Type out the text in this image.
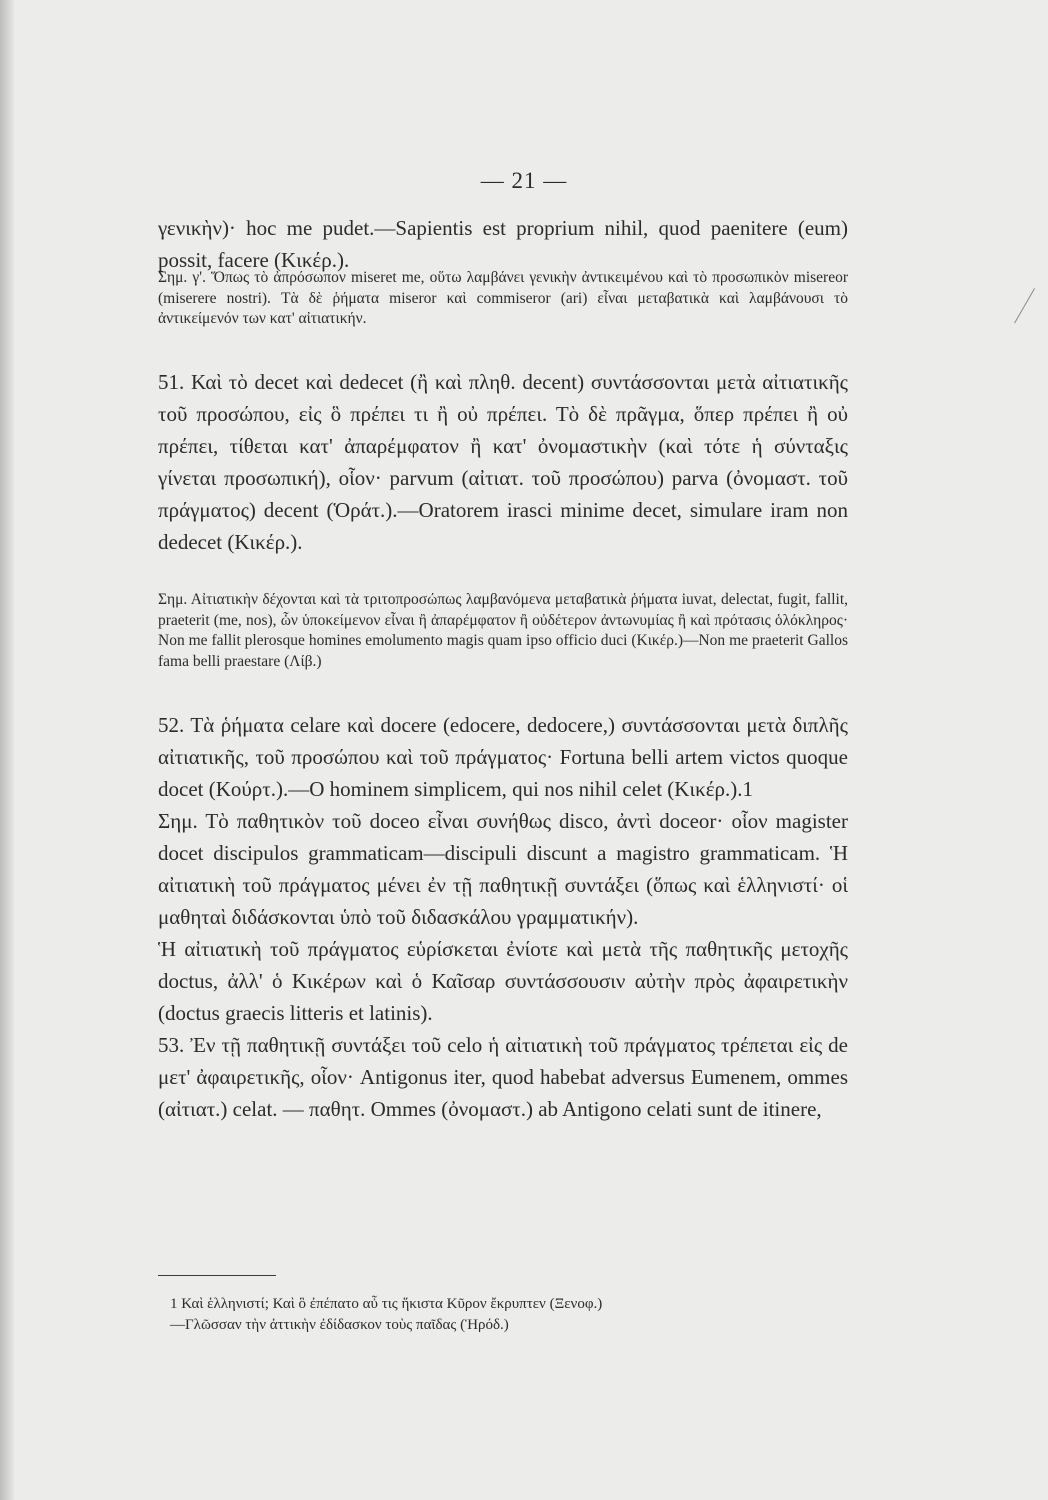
— 21 —

γενικὴν)· hoc me pudet.—Sapientis est proprium nihil, quod paenitere (eum) possit, facere (Κικέρ.).

Σημ. γ'. Ὅπως τὸ ἀπρόσωπον miseret me, οὕτω λαμβάνει γενικὴν ἀντικειμένου καὶ τὸ προσωπικὸν misereor (miserere nostri). Τὰ δὲ ῥήματα miseror καὶ commiseror (ari) εἶναι μεταβατικὰ καὶ λαμβάνουσι τὸ ἀντικείμενόν των κατ' αἰτιατικήν.

51. Καὶ τὸ decet καὶ dedecet (ἢ καὶ πληθ. decent) συντάσσονται μετὰ αἰτιατικῆς τοῦ προσώπου, εἰς ὃ πρέπει τι ἢ οὐ πρέπει. Τὸ δὲ πρᾶγμα, ὅπερ πρέπει ἢ οὐ πρέπει, τίθεται κατ' ἀπαρέμφατον ἢ κατ' ὀνομαστικὴν (καὶ τότε ἡ σύνταξις γίνεται προσωπική), οἷον· parvum (αἰτιατ. τοῦ προσώπου) parva (ὀνομαστ. τοῦ πράγματος) decent (Ὁράτ.).—Oratorem irasci minime decet, simulare iram non dedecet (Κικέρ.).

Σημ. Αἰτιατικὴν δέχονται καὶ τὰ τριτοπροσώπως λαμβανόμενα μεταβατικὰ ῥήματα iuvat, delectat, fugit, fallit, praeterit (me, nos), ὧν ὑποκείμενον εἶναι ἢ ἀπαρέμφατον ἢ οὐδέτερον ἀντωνυμίας ἢ καὶ πρότασις ὁλόκληρος· Non me fallit plerosque homines emolumento magis quam ipso officio duci (Κικέρ.)—Non me praeterit Gallos fama belli praestare (Λίβ.)

52. Τὰ ῥήματα celare καὶ docere (edocere, dedocere,) συντάσσονται μετὰ διπλῆς αἰτιατικῆς, τοῦ προσώπου καὶ τοῦ πράγματος· Fortuna belli artem victos quoque docet (Κούρτ.).—O hominem simplicem, qui nos nihil celet (Κικέρ.).1

Σημ. Τὸ παθητικὸν τοῦ doceo εἶναι συνήθως disco, ἀντὶ doceor· οἷον magister docet discipulos grammaticam—discipuli discunt a magistro grammaticam. Ἡ αἰτιατικὴ τοῦ πράγματος μένει ἐν τῇ παθητικῇ συντάξει (ὅπως καὶ ἑλληνιστί· οἱ μαθηταὶ διδάσκονται ὑπὸ τοῦ διδασκάλου γραμματικήν).

Ἡ αἰτιατικὴ τοῦ πράγματος εὑρίσκεται ἐνίοτε καὶ μετὰ τῆς παθητικῆς μετοχῆς doctus, ἀλλ' ὁ Κικέρων καὶ ὁ Καῖσαρ συντάσσουσιν αὐτὴν πρὸς ἀφαιρετικὴν (doctus graecis litteris et latinis).

53. Ἐν τῇ παθητικῇ συντάξει τοῦ celo ἡ αἰτιατικὴ τοῦ πράγματος τρέπεται εἰς de μετ' ἀφαιρετικῆς, οἷον· Antigonus iter, quod habebat adversus Eumenem, ommes (αἰτιατ.) celat. — παθητ. Ommes (ὀνομαστ.) ab Antigono celati sunt de itinere,

1 Καὶ ἑλληνιστί; Καὶ ὃ ἐπέπατο αὖ τις ἥκιστα Κῦρον ἔκρυπτεν (Ξενοφ.)

—Γλῶσσαν τὴν ἀττικὴν ἐδίδασκον τοὺς παῖδας (Ἡρόδ.)
